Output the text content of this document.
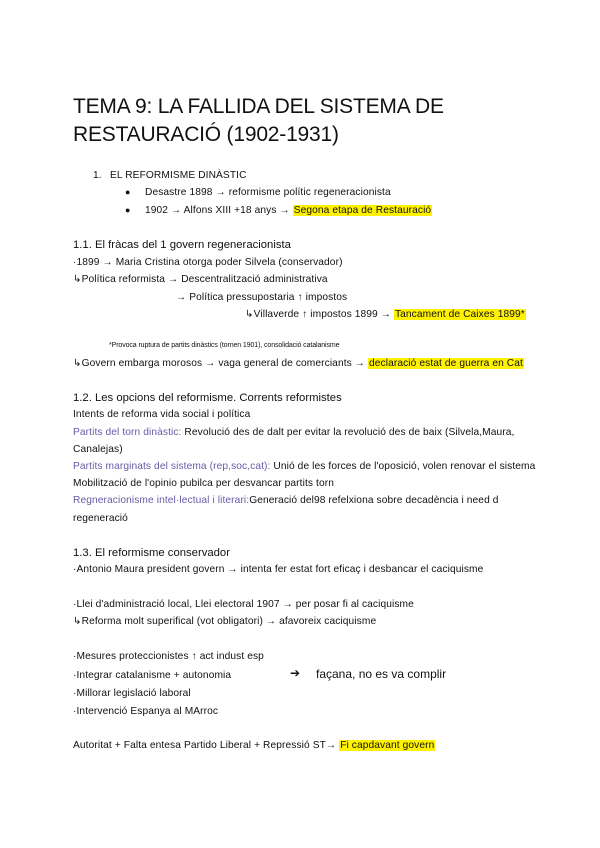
TEMA 9: LA FALLIDA DEL SISTEMA DE
RESTAURACIÓ (1902-1931)
1. EL REFORMISME DINÀSTIC
● Desastre 1898 → reformisme polític regeneracionista
● 1902 → Alfons XIII +18 anys → Segona etapa de Restauració
1.1. El fràcas del 1 govern regeneracionista
·1899 → Maria Cristina otorga poder Silvela (conservador)
↳Política reformista → Descentralització administrativa
→ Política pressupostaria ↑ impostos
↳Villaverde ↑ impostos 1899 → Tancament de Caixes 1899*
*Provoca ruptura de partits dinàstics (tornen 1901), consolidació catalanisme
↳Govern embarga morosos → vaga general de comerciants → declaració estat de guerra en Cat
1.2. Les opcions del reformisme. Corrents reformistes
Intents de reforma vida social i política
Partits del torn dinàstic: Revolució des de dalt per evitar la revolució des de baix (Silvela,Maura,
Canalejas)
Partits marginats del sistema (rep,soc,cat): Unió de les forces de l'oposició, volen renovar el sistema
Mobilització de l'opinio pubilca per desvancar partits torn
Regneracionisme intel·lectual i literari:Generació del98 refelxiona sobre decadència i need d
regeneració
1.3. El reformisme conservador
·Antonio Maura president govern → intenta fer estat fort eficaç i desbancar el caciquisme
·Llei d'administració local, Llei electoral 1907 → per posar fi al caciquisme
↳Reforma molt superifical (vot obligatori) → afavoreix caciquisme
·Mesures proteccionistes ↑ act indust esp
·Integrar catalanisme + autonomia	➔ façana, no es va complir
·Millorar legislació laboral
·Intervenció Espanya al MArroc
Autoritat + Falta entesa Partido Liberal + Repressió ST→ Fi capdavant govern
